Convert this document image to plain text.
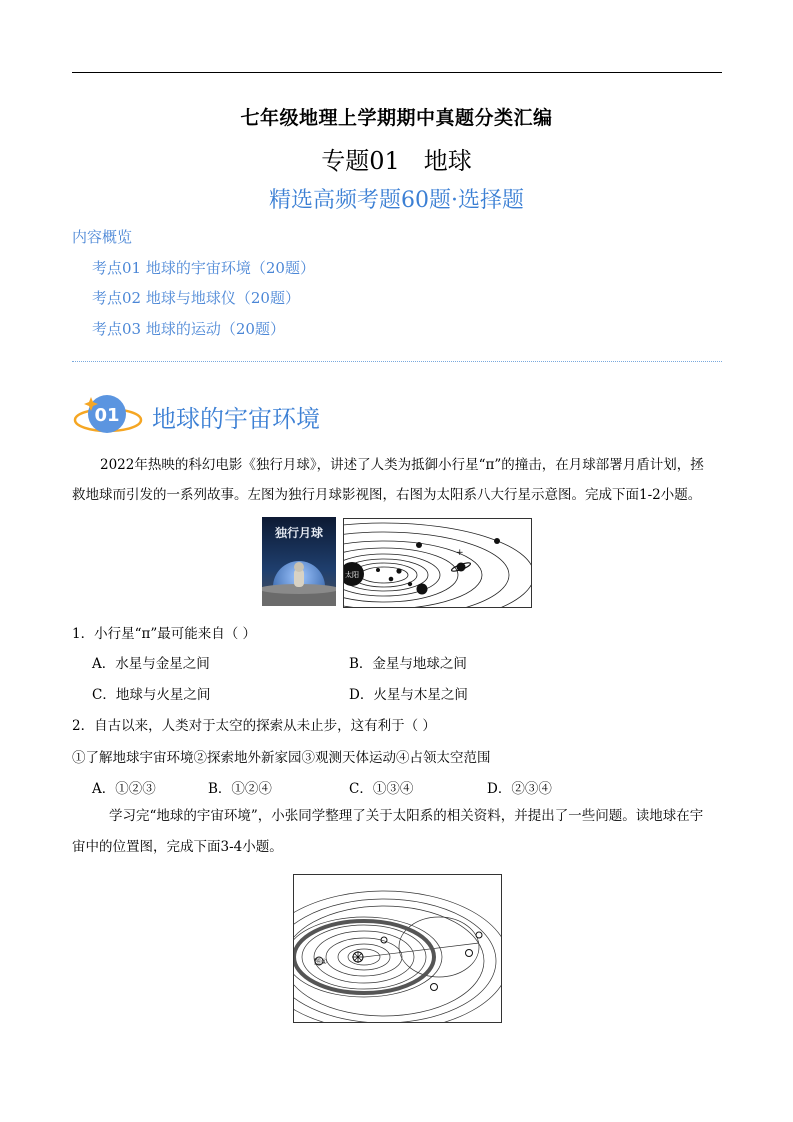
七年级地理上学期期中真题分类汇编
专题01　地球
精选高频考题60题·选择题
内容概览
考点01 地球的宇宙环境（20题）
考点02 地球与地球仪（20题）
考点03 地球的运动（20题）
01 地球的宇宙环境
2022年热映的科幻电影《独行月球》，讲述了人类为抵御小行星“π”的撞击，在月球部署月盾计划，拯
救地球而引发的一系列故事。左图为独行月球影视图，右图为太阳系八大行星示意图。完成下面1-2小题。
独行月球
太阳
+
1．小行星“π”最可能来自（ ）
A．水星与金星之间	B．金星与地球之间
C．地球与火星之间	D．火星与木星之间
2．自古以来，人类对于太空的探索从未止步，这有利于（ ）
①了解地球宇宙环境②探索地外新家园③观测天体运动④占领太空范围
A．①②③	B．①②④	C．①③④	D．②③④
学习完“地球的宇宙环境”，小张同学整理了关于太阳系的相关资料，并提出了一些问题。读地球在宇
宙中的位置图，完成下面3-4小题。
图①
